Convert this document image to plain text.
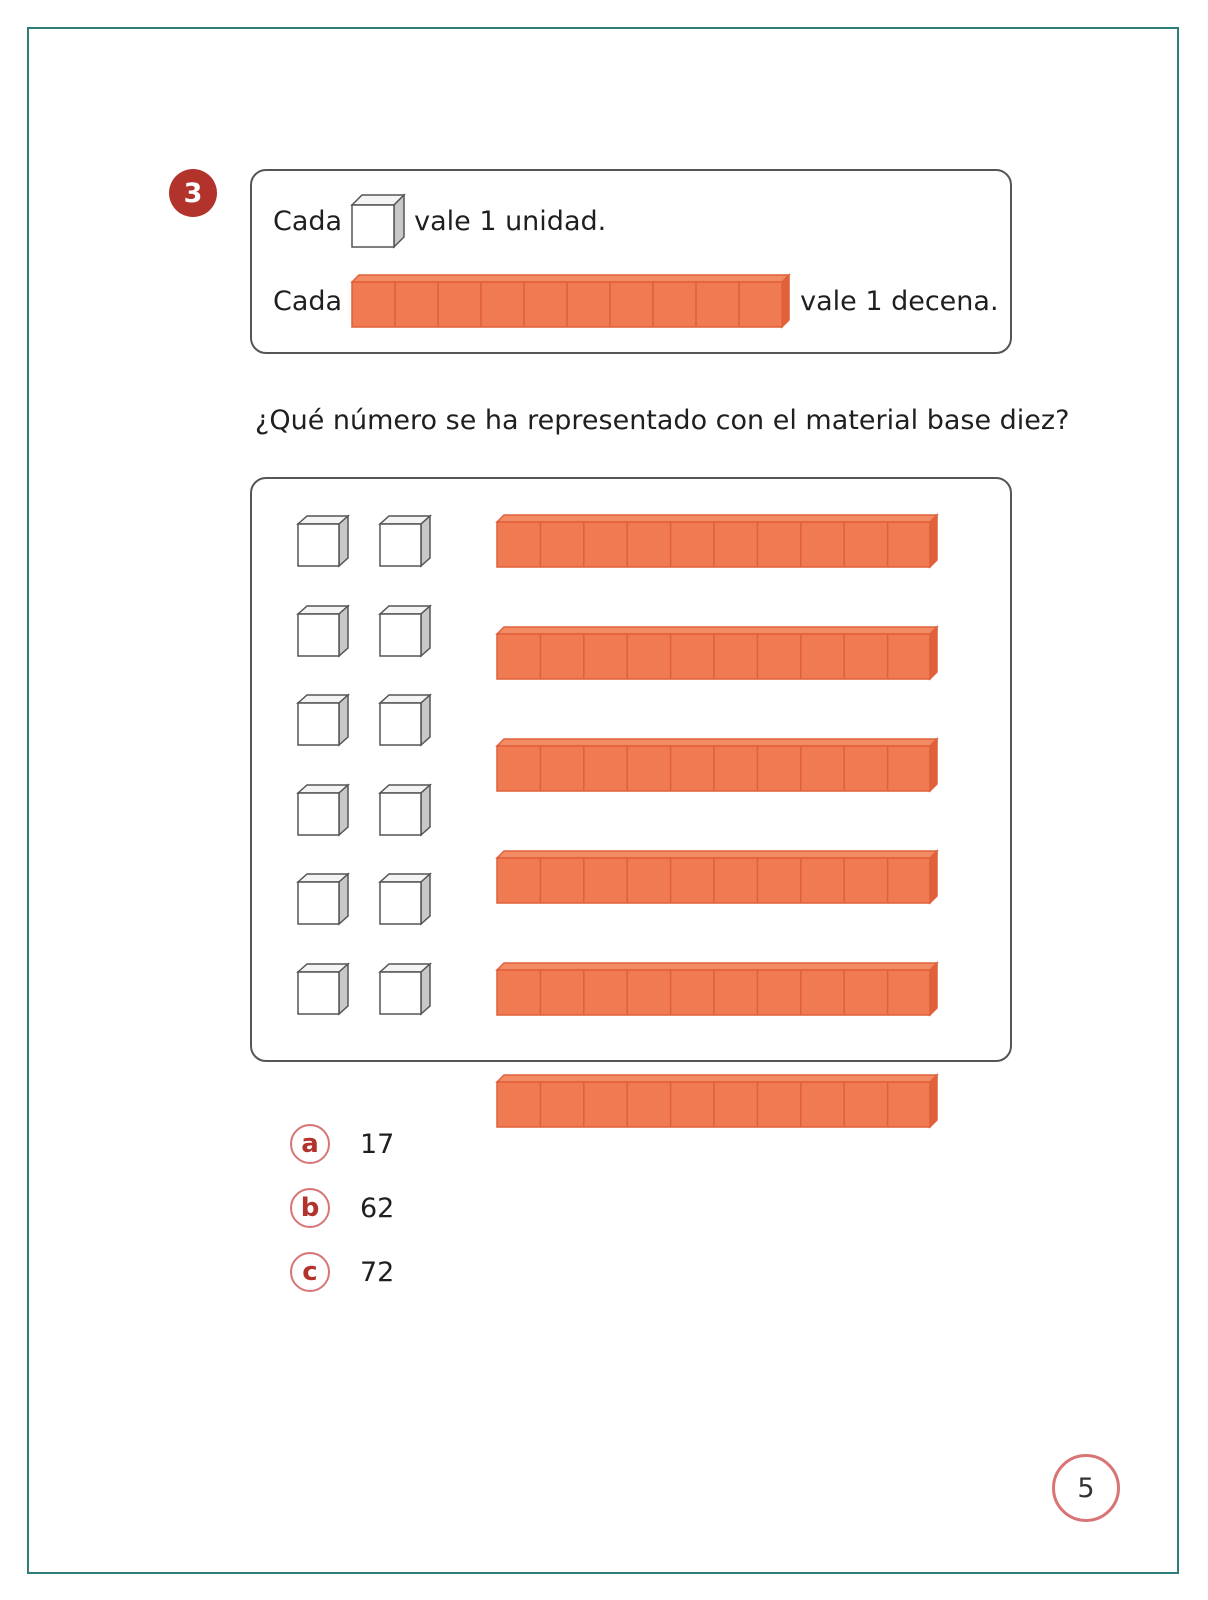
3
Cada	vale 1 unidad.
Cada	vale 1 decena.
¿Qué número se ha representado con el material base diez?
a	17
b	62
c	72
5
